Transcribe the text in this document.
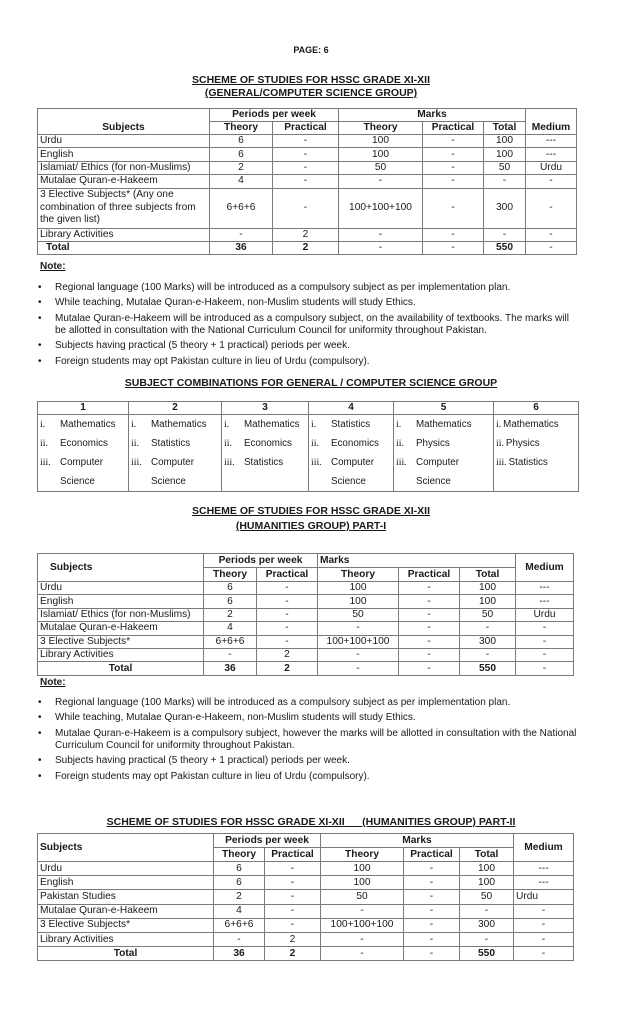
PAGE: 6
SCHEME OF STUDIES FOR HSSC GRADE XI-XII
(GENERAL/COMPUTER SCIENCE GROUP)
Subjects	Periods per week		Marks			Medium
	Theory	Practical	Theory	Practical	Total	
Urdu	6	-	100	-	100	---
English	6	-	100	-	100	---
Islamiat/ Ethics (for non-Muslims)	2	-	50	-	50	Urdu
Mutalae Quran-e-Hakeem	4	-	-	-	-	-
3 Elective Subjects* (Any one combination of three subjects from the given list)	6+6+6	-	100+100+100	-	300	-
Library Activities	-	2	-	-	-	-
Total	36	2	-	-	550	-
Note:
• Regional language (100 Marks) will be introduced as a compulsory subject as per implementation plan.
• While teaching, Mutalae Quran-e-Hakeem, non-Muslim students will study Ethics.
• Mutalae Quran-e-Hakeem will be introduced as a compulsory subject, on the availability of textbooks. The marks will be allotted in consultation with the National Curriculum Council for uniformity throughout Pakistan.
• Subjects having practical (5 theory + 1 practical) periods per week.
• Foreign students may opt Pakistan culture in lieu of Urdu (compulsory).
SUBJECT COMBINATIONS FOR GENERAL / COMPUTER SCIENCE GROUP
1	2	3	4	5	6

i.	Mathematics
ii.	Economics
iii. Computer
Science

i.	Mathematics
ii.	Statistics
iii. Computer
Science

i.	Mathematics
ii.	Economics
iii. Statistics

i.	Statistics
ii.	Economics
iii. Computer
Science

i.	Mathematics
ii.	Physics
iii. Computer
Science

i. Mathematics
ii. Physics
iii. Statistics
SCHEME OF STUDIES FOR HSSC GRADE XI-XII
(HUMANITIES GROUP) PART-I
Subjects	Periods per week		Marks			Medium
	Theory	Practical	Theory	Practical	Total	
Urdu	6	-	100	-	100	---
English	6	-	100	-	100	---
Islamiat/ Ethics (for non-Muslims)	2	-	50	-	50	Urdu
Mutalae Quran-e-Hakeem	4	-	-	-	-	-
3 Elective Subjects*	6+6+6	-	100+100+100	-	300	-
Library Activities	-	2	-	-	-	-
Total	36	2	-	-	550	-
Note:
• Regional language (100 Marks) will be introduced as a compulsory subject as per implementation plan.
• While teaching, Mutalae Quran-e-Hakeem, non-Muslim students will study Ethics.
• Mutalae Quran-e-Hakeem is a compulsory subject, however the marks will be allotted in consultation with the National Curriculum Council for uniformity throughout Pakistan.
• Subjects having practical (5 theory + 1 practical) periods per week.
• Foreign students may opt Pakistan culture in lieu of Urdu (compulsory).
SCHEME OF STUDIES FOR HSSC GRADE XI-XII      (HUMANITIES GROUP) PART-II
Subjects	Periods per week		Marks			Medium
	Theory	Practical	Theory	Practical	Total	
Urdu	6	-	100	-	100	---
English	6	-	100	-	100	---
Pakistan Studies	2	-	50	-	50	Urdu
Mutalae Quran-e-Hakeem	4	-	-	-	-	-
3 Elective Subjects*	6+6+6	-	100+100+100	-	300	-
Library Activities	-	2	-	-	-	-
Total	36	2	-	-	550	-
